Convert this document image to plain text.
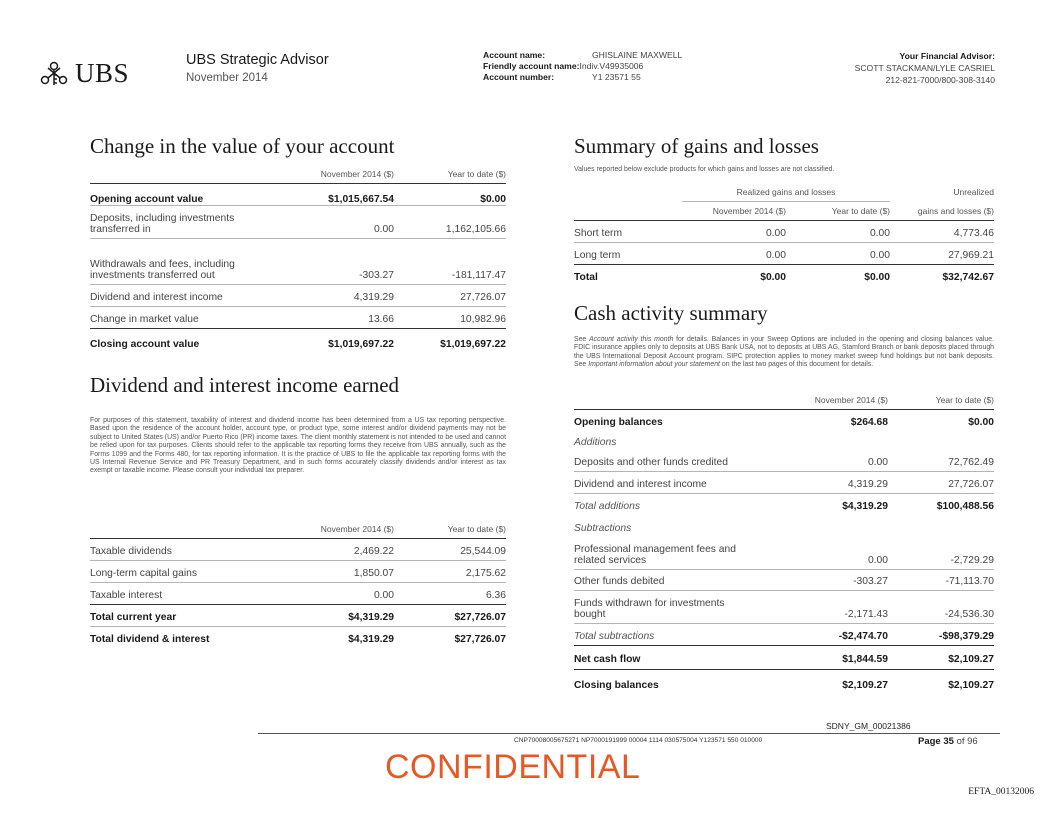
UBS	UBS Strategic Advisor
November 2014
Account name:	GHISLAINE MAXWELL
Friendly account name: Indiv.V49935006
Account number:	Y1 23571 55
Your Financial Advisor:
SCOTT STACKMAN/LYLE CASRIEL
212-821-7000/800-308-3140
Change in the value of your account
	November 2014 ($)	Year to date ($)
Opening account value	$1,015,667.54	$0.00
Deposits, including investments transferred in	0.00	1,162,105.66
Withdrawals and fees, including investments transferred out	-303.27	-181,117.47
Dividend and interest income	4,319.29	27,726.07
Change in market value	13.66	10,982.96
Closing account value	$1,019,697.22	$1,019,697.22
Dividend and interest income earned
For purposes of this statement, taxability of interest and dividend income has been determined from a US tax reporting perspective. Based upon the residence of the account holder, account type, or product type, some interest and/or dividend payments may not be subject to United States (US) and/or Puerto Rico (PR) income taxes. The client monthly statement is not intended to be used and cannot be relied upon for tax purposes. Clients should refer to the applicable tax reporting forms they receive from UBS annually, such as the Forms 1099 and the Forms 480, for tax reporting information. It is the practice of UBS to file the applicable tax reporting forms with the US Internal Revenue Service and PR Treasury Department, and in such forms accurately classify dividends and/or interest as tax exempt or taxable income. Please consult your individual tax preparer.
	November 2014 ($)	Year to date ($)
Taxable dividends	2,469.22	25,544.09
Long-term capital gains	1,850.07	2,175.62
Taxable interest	0.00	6.36
Total current year	$4,319.29	$27,726.07
Total dividend & interest	$4,319.29	$27,726.07
Summary of gains and losses
Values reported below exclude products for which gains and losses are not classified.
	Realized gains and losses		Unrealized
	November 2014 ($)	Year to date ($)	gains and losses ($)
Short term	0.00	0.00	4,773.46
Long term	0.00	0.00	27,969.21
Total	$0.00	$0.00	$32,742.67
Cash activity summary
See Account activity this month for details. Balances in your Sweep Options are included in the opening and closing balances value. FDIC insurance applies only to deposits at UBS Bank USA, not to deposits at UBS AG, Stamford Branch or bank deposits placed through the UBS International Deposit Account program. SIPC protection applies to money market sweep fund holdings but not bank deposits. See Important information about your statement on the last two pages of this document for details.
	November 2014 ($)	Year to date ($)
Opening balances	$264.68	$0.00
Additions		
Deposits and other funds credited	0.00	72,762.49
Dividend and interest income	4,319.29	27,726.07
Total additions	$4,319.29	$100,488.56
Subtractions		
Professional management fees and related services	0.00	-2,729.29
Other funds debited	-303.27	-71,113.70
Funds withdrawn for investments bought	-2,171.43	-24,536.30
Total subtractions	-$2,474.70	-$98,379.29
Net cash flow	$1,844.59	$2,109.27
Closing balances	$2,109.27	$2,109.27
SDNY_GM_00021386
CNP70008005675271 NP7000191999 00004 1114 030575004 Y123571 550 010000	Page 35 of 96
CONFIDENTIAL
EFTA_00132006
